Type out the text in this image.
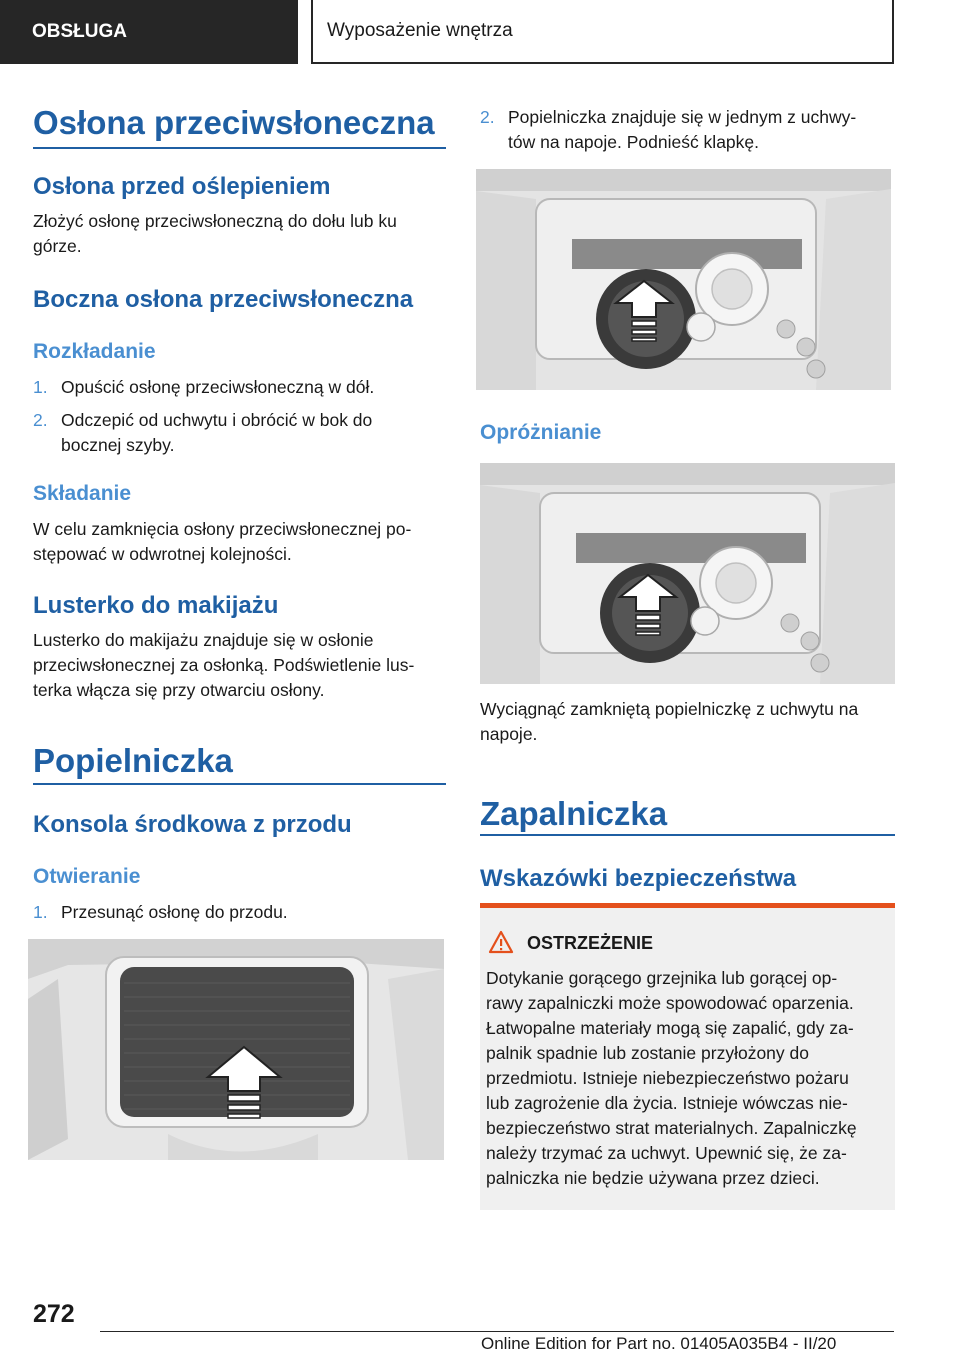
OBSŁUGA	Wyposażenie wnętrza
Osłona przeciwsłoneczna
Osłona przed oślepieniem
Złożyć osłonę przeciwsłoneczną do dołu lub ku
górze.
Boczna osłona przeciwsłoneczna
Rozkładanie
1. Opuścić osłonę przeciwsłoneczną w dół.
2. Odczepić od uchwytu i obrócić w bok do
bocznej szyby.
Składanie
W celu zamknięcia osłony przeciwsłonecznej po-
stępować w odwrotnej kolejności.
Lusterko do makijażu
Lusterko do makijażu znajduje się w osłonie
przeciwsłonecznej za osłonką. Podświetlenie lus-
terka włącza się przy otwarciu osłony.
Popielniczka
Konsola środkowa z przodu
Otwieranie
1. Przesunąć osłonę do przodu.
2. Popielniczka znajduje się w jednym z uchwy-
tów na napoje. Podnieść klapkę.
Opróżnianie
Wyciągnąć zamkniętą popielniczkę z uchwytu na
napoje.
Zapalniczka
Wskazówki bezpieczeństwa
OSTRZEŻENIE
Dotykanie gorącego grzejnika lub gorącej op-
rawy zapalniczki może spowodować oparzenia.
Łatwopalne materiały mogą się zapalić, gdy za-
palnik spadnie lub zostanie przyłożony do
przedmiotu. Istnieje niebezpieczeństwo pożaru
lub zagrożenie dla życia. Istnieje wówczas nie-
bezpieczeństwo strat materialnych. Zapalniczkę
należy trzymać za uchwyt. Upewnić się, że za-
palniczka nie będzie używana przez dzieci.
272
Online Edition for Part no. 01405A035B4 - II/20
